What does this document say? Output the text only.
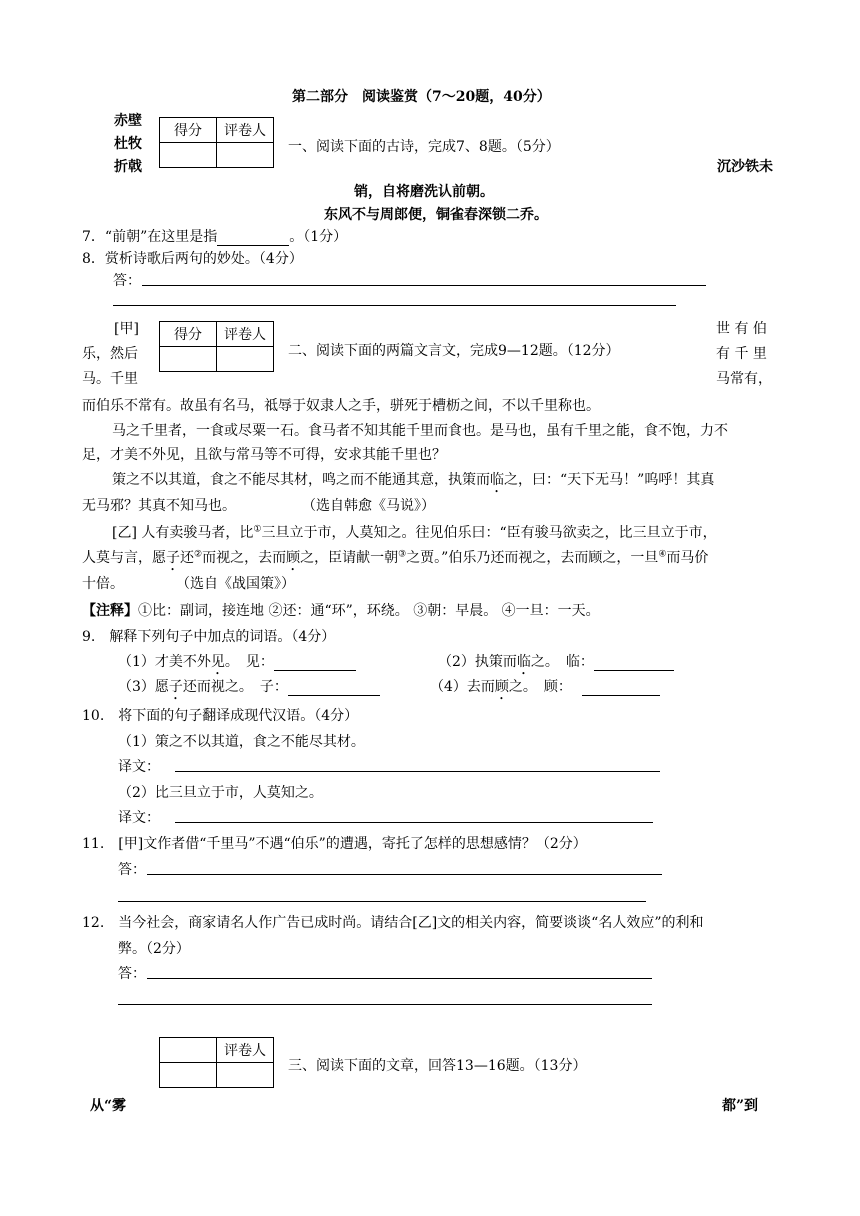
第二部分　阅读鉴赏（7～20题，40分）
赤壁
杜牧
折戟
得分	评卷人

一、阅读下面的古诗，完成7、8题。（5分）
沉沙铁未
销，自将磨洗认前朝。
东风不与周郎便，铜雀春深锁二乔。
7．“前朝”在这里是指	。（1分）
8．赏析诗歌后两句的妙处。（4分）
答：
[甲]
乐，然后
马。千里
得分	评卷人

二、阅读下面的两篇文言文，完成9—12题。（12分）
世 有 伯
有 千 里
马常有，
而伯乐不常有。故虽有名马，祗辱于奴隶人之手，骈死于槽枥之间，不以千里称也。
马之千里者，一食或尽粟一石。食马者不知其能千里而食也。是马也，虽有千里之能，食不饱，力不
足，才美不外见，且欲与常马等不可得，安求其能千里也？
策之不以其道，食之不能尽其材，鸣之而不能通其意，执策而临之，曰：“天下无马！”呜呼！其真
无马邪？其真不知马也。	（选自韩愈《马说》）
[乙] 人有卖骏马者，比①三旦立于市，人莫知之。往见伯乐曰：“臣有骏马欲卖之，比三旦立于市，
人莫与言，愿子还②而视之，去而顾之，臣请献一朝③之贾。”伯乐乃还而视之，去而顾之，一旦④而马价
十倍。	（选自《战国策》）
【注释】①比：副词，接连地 ②还：通“环”，环绕。 ③朝：早晨。 ④一旦：一天。
9.　解释下列句子中加点的词语。（4分）
（1）才美不外见。　见：	（2）执策而临之。　临：
（3）愿子还而视之。　子：	（4）去而顾之。　顾：
10.　将下面的句子翻译成现代汉语。（4分）
（1）策之不以其道，食之不能尽其材。
译文：
（2）比三旦立于市，人莫知之。
译文：
11.　[甲]文作者借“千里马”不遇“伯乐”的遭遇，寄托了怎样的思想感情？（2分）
答：
12.　当今社会，商家请名人作广告已成时尚。请结合[乙]文的相关内容，简要谈谈“名人效应”的利和
弊。（2分）
答：
	评卷人

三、阅读下面的文章，回答13—16题。（13分）
从“雾	都”到
